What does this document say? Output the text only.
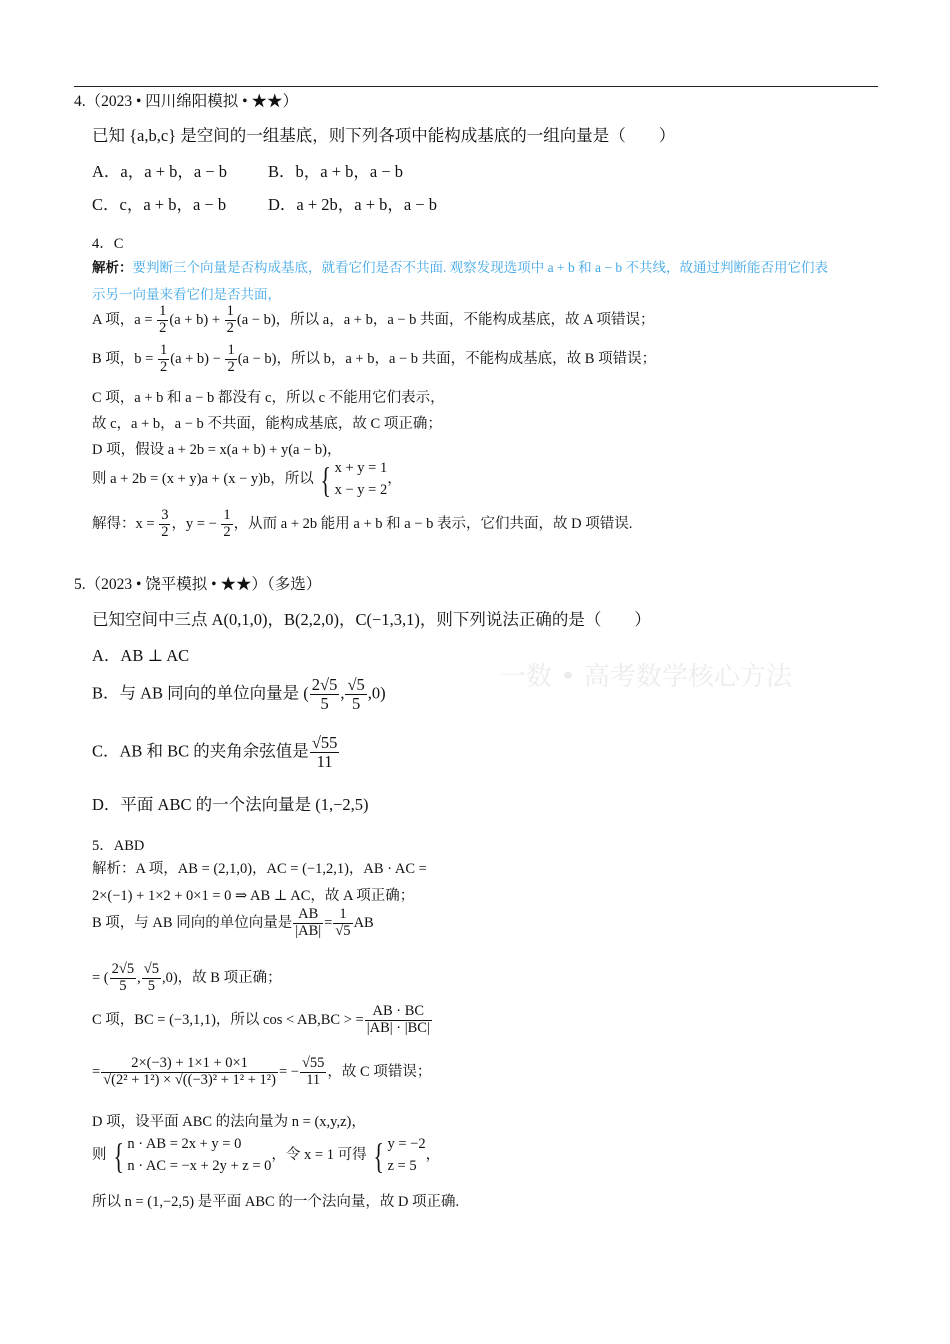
一数 • 高考数学核心方法
4.（2023 • 四川绵阳模拟 • ★★）
已知 {a,b,c} 是空间的一组基底，则下列各项中能构成基底的一组向量是（　　）
A．a，a + b，a − b B．b，a + b，a − b
C．c，a + b，a − b	D．a + 2b，a + b，a − b
4．C
解析：要判断三个向量是否构成基底，就看它们是否不共面. 观察发现选项中 a + b 和 a − b 不共线，故通过判断能否用它们表
示另一向量来看它们是否共面，
A 项，$a = \frac{1}{2} (a + b) + \frac{1}{2} (a - b)$，所以 a，a + b，a − b 共面，不能构成基底，故 A 项错误；
B 项，$b = \frac{1}{2} (a + b) - \frac{1}{2} (a - b)$，所以 b，a + b，a − b 共面，不能构成基底，故 B 项错误；
C 项，a + b 和 a − b 都没有 c，所以 c 不能用它们表示，
故 c，a + b，a − b 不共面，能构成基底，故 C 项正确；
D 项，假设 a + 2b = x(a + b) + y(a − b)，
则 a + 2b = (x + y)a + (x − y)b，所以 { x + y = 1
x − y = 2
，
解得：$x = \frac{3}{2}$ ，y = − $\frac{1}{2}$ ，从而 a + 2b 能用 a + b 和 a − b 表示，它们共面，故 D 项错误.
5.（2023 • 饶平模拟 • ★★）（多选）
已知空间中三点 A(0,1,0)，B(2,2,0)，C(−1,3,1)，则下列说法正确的是（　　）
A．AB ⊥ AC
B．与 AB 同向的单位向量是 ( $\frac{2√5}{5}$ , $\frac{√5}{5} ,0$)
C．AB 和 BC 的夹角余弦值是 $\frac{√55}{11}$
D．平面 ABC 的一个法向量是 (1,−2,5)
5．ABD
解析：A 项，AB = (2,1,0)，AC = (−1,2,1)，AB · AC =
2×(−1) + 1×2 + 0×1 = 0 ⇒ AB ⊥ AC，故 A 项正确；
B 项，与 AB 同向的单位向量是 $\frac{AB}{|AB|} = \frac{1}{√5}$ AB
= ( $\frac{2√5}{5}$ , $\frac{√5}{5} ,0$)，故 B 项正确；
C 项，BC = (−3,1,1)，所以 cos < AB,BC > = $\frac{AB \cdot BC}{|AB| \cdot |BC|}$
= $\frac{2\times(-3) + 1\times 1 + 0\times 1}{\text{√(2² + 1²) × √((−3)² + 1² + 1²)}}$ = − $\frac{√55}{11}$ ，故 C 项错误；
D 项，设平面 ABC 的法向量为 n = (x,y,z)，
则 { n · AB = 2x + y = 0
n · AC = −x + 2y + z = 0
，令 x = 1 可得 { y = −2
z = 5
，
所以 n = (1,−2,5) 是平面 ABC 的一个法向量，故 D 项正确.
